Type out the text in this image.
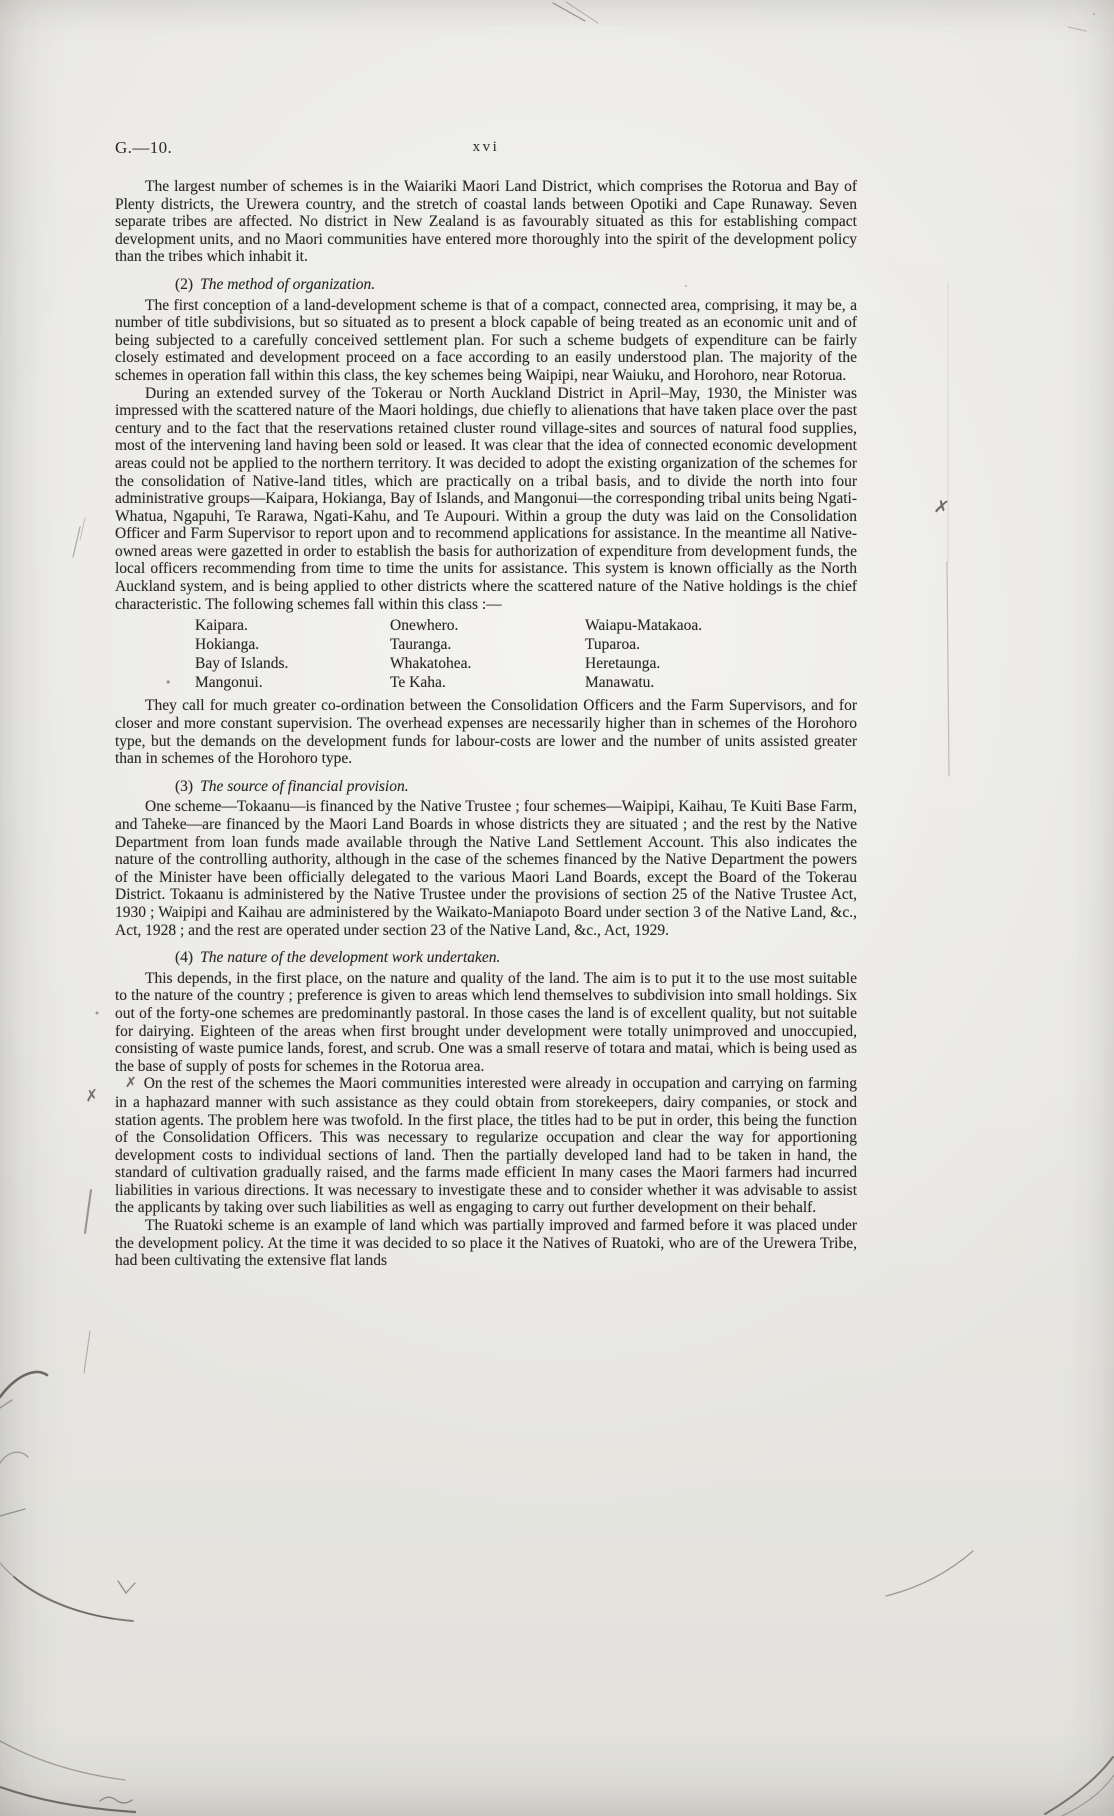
✗
✗
G.—10.	xvi

The largest number of schemes is in the Waiariki Maori Land District, which comprises the Rotorua and Bay of Plenty districts, the Urewera country, and the stretch of coastal lands between Opotiki and Cape Runaway. Seven separate tribes are affected. No district in New Zealand is as favourably situated as this for establishing compact development units, and no Maori communities have entered more thoroughly into the spirit of the development policy than the tribes which inhabit it.

(2) The method of organization.

The first conception of a land-development scheme is that of a compact, connected area, comprising, it may be, a number of title subdivisions, but so situated as to present a block capable of being treated as an economic unit and of being subjected to a carefully conceived settlement plan. For such a scheme budgets of expenditure can be fairly closely estimated and development proceed on a face according to an easily understood plan. The majority of the schemes in operation fall within this class, the key schemes being Waipipi, near Waiuku, and Horohoro, near Rotorua.

During an extended survey of the Tokerau or North Auckland District in April–May, 1930, the Minister was impressed with the scattered nature of the Maori holdings, due chiefly to alienations that have taken place over the past century and to the fact that the reservations retained cluster round village-sites and sources of natural food supplies, most of the intervening land having been sold or leased. It was clear that the idea of connected economic development areas could not be applied to the northern territory. It was decided to adopt the existing organization of the schemes for the consolidation of Native-land titles, which are practically on a tribal basis, and to divide the north into four administrative groups—Kaipara, Hokianga, Bay of Islands, and Mangonui—the corresponding tribal units being Ngati-Whatua, Ngapuhi, Te Rarawa, Ngati-Kahu, and Te Aupouri. Within a group the duty was laid on the Consolidation Officer and Farm Supervisor to report upon and to recommend applications for assistance. In the meantime all Native-owned areas were gazetted in order to establish the basis for authorization of expenditure from development funds, the local officers recommending from time to time the units for assistance. This system is known officially as the North Auckland system, and is being applied to other districts where the scattered nature of the Native holdings is the chief characteristic. The following schemes fall within this class :—

Kaipara.	Onewhero.	Waiapu-Matakaoa.
Hokianga.	Tauranga.	Tuparoa.
Bay of Islands.	Whakatohea.	Heretaunga.
• Mangonui.	Te Kaha.	Manawatu.

They call for much greater co-ordination between the Consolidation Officers and the Farm Supervisors, and for closer and more constant supervision. The overhead expenses are necessarily higher than in schemes of the Horohoro type, but the demands on the development funds for labour-costs are lower and the number of units assisted greater than in schemes of the Horohoro type.

(3) The source of financial provision.

One scheme—Tokaanu—is financed by the Native Trustee ; four schemes—Waipipi, Kaihau, Te Kuiti Base Farm, and Taheke—are financed by the Maori Land Boards in whose districts they are situated ; and the rest by the Native Department from loan funds made available through the Native Land Settlement Account. This also indicates the nature of the controlling authority, although in the case of the schemes financed by the Native Department the powers of the Minister have been officially delegated to the various Maori Land Boards, except the Board of the Tokerau District. Tokaanu is administered by the Native Trustee under the provisions of section 25 of the Native Trustee Act, 1930 ; Waipipi and Kaihau are administered by the Waikato-Maniapoto Board under section 3 of the Native Land, &c., Act, 1928 ; and the rest are operated under section 23 of the Native Land, &c., Act, 1929.

(4) The nature of the development work undertaken.

This depends, in the first place, on the nature and quality of the land. The aim is to put it to the use most suitable to the nature of the country ; preference is given to areas which lend themselves to subdivision into small holdings. Six out of the forty-one schemes are predominantly pastoral. In those cases the land is of excellent quality, but not suitable for dairying. Eighteen of the areas when first brought under development were totally unimproved and unoccupied, consisting of waste pumice lands, forest, and scrub. One was a small reserve of totara and matai, which is being used as the base of supply of posts for schemes in the Rotorua area.

✗ On the rest of the schemes the Maori communities interested were already in occupation and carrying on farming in a haphazard manner with such assistance as they could obtain from storekeepers, dairy companies, or stock and station agents. The problem here was twofold. In the first place, the titles had to be put in order, this being the function of the Consolidation Officers. This was necessary to regularize occupation and clear the way for apportioning development costs to individual sections of land. Then the partially developed land had to be taken in hand, the standard of cultivation gradually raised, and the farms made efficient In many cases the Maori farmers had incurred liabilities in various directions. It was necessary to investigate these and to consider whether it was advisable to assist the applicants by taking over such liabilities as well as engaging to carry out further development on their behalf.

The Ruatoki scheme is an example of land which was partially improved and farmed before it was placed under the development policy. At the time it was decided to so place it the Natives of Ruatoki, who are of the Urewera Tribe, had been cultivating the extensive flat lands
